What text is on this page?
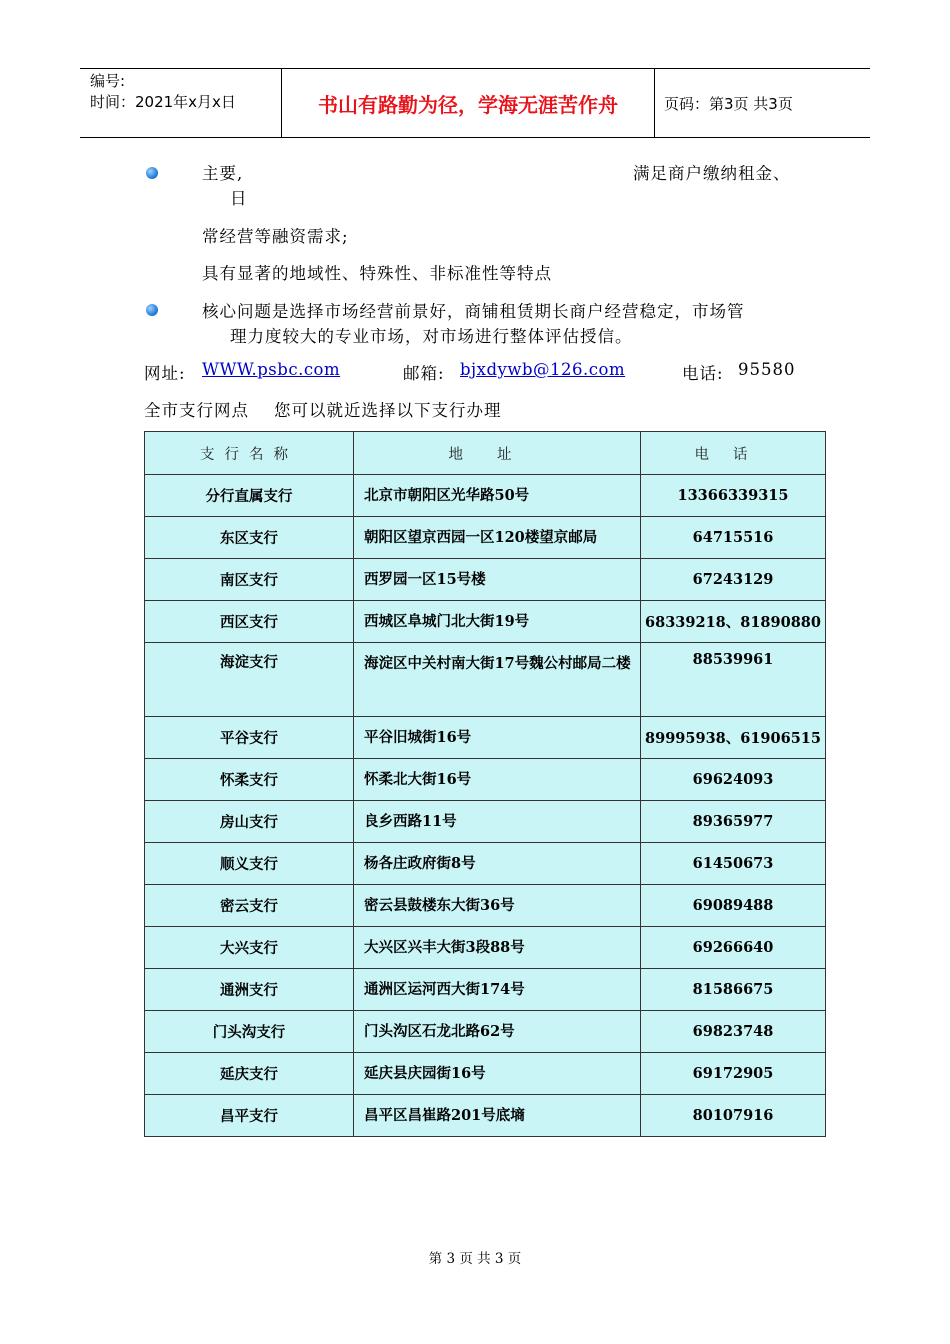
编号:
时间：2021年x月x日	书山有路勤为径，学海无涯苦作舟	页码：第3页 共3页
主要,	满足商户缴纳租金、
日
常经营等融资需求;
具有显著的地域性、特殊性、非标准性等特点
核心问题是选择市场经营前景好，商铺租赁期长商户经营稳定，市场管
理力度较大的专业市场，对市场进行整体评估授信。
网址: WWW.psbc.com	邮箱: bjxdywb@126.com	电话: 95580
全市支行网点    您可以就近选择以下支行办理
支行名称	地址	电话
分行直属支行	北京市朝阳区光华路50号	13366339315
东区支行	朝阳区望京西园一区120楼望京邮局	64715516
南区支行	西罗园一区15号楼	67243129
西区支行	西城区阜城门北大街19号	68339218、81890880
海淀支行	海淀区中关村南大街17号魏公村邮局二楼	88539961
平谷支行	平谷旧城街16号	89995938、61906515
怀柔支行	怀柔北大街16号	69624093
房山支行	良乡西路11号	89365977
顺义支行	杨各庄政府街8号	61450673
密云支行	密云县鼓楼东大街36号	69089488
大兴支行	大兴区兴丰大街3段88号	69266640
通洲支行	通洲区运河西大街174号	81586675
门头沟支行	门头沟区石龙北路62号	69823748
延庆支行	延庆县庆园街16号	69172905
昌平支行	昌平区昌崔路201号底墒	80107916
第 3 页 共 3 页
